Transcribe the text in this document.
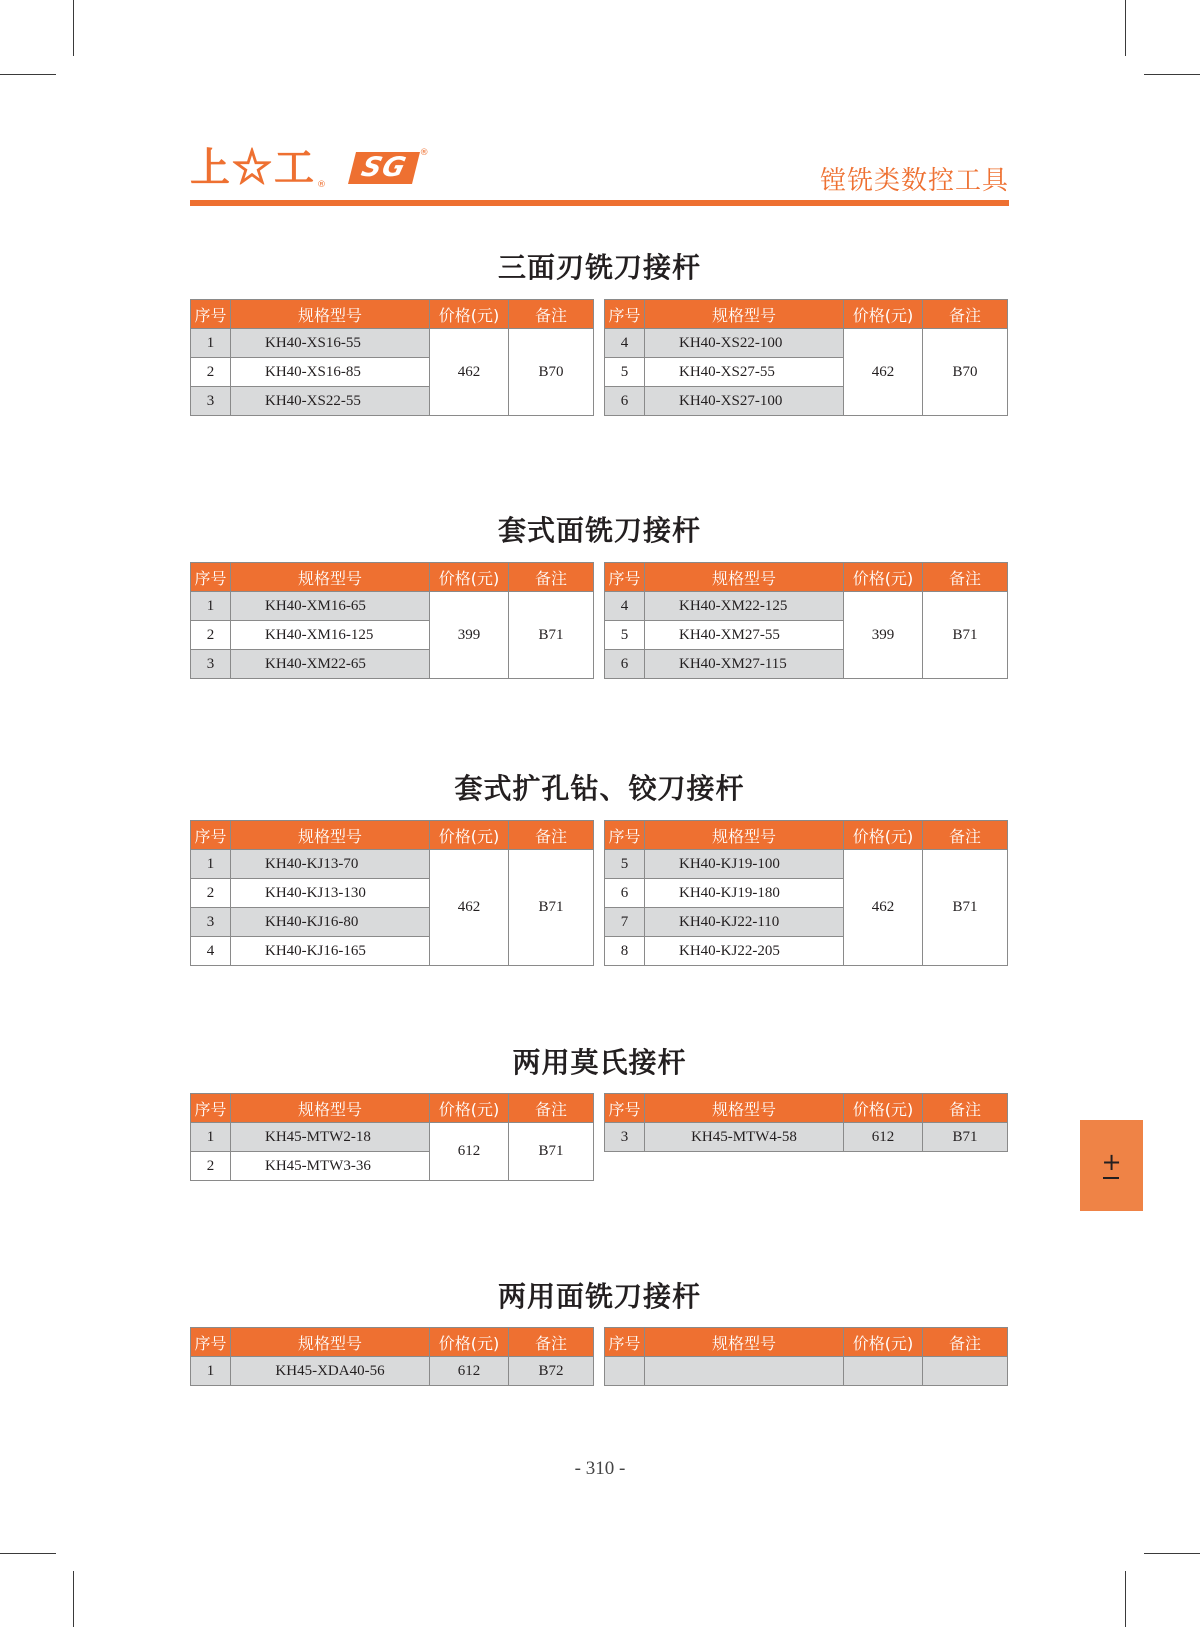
上☆工 ®
SG	®
镗铣类数控工具
三面刃铣刀接杆
序号	规格型号	价格(元)	备注
1	KH40-XS16-55	462	B70
2	KH40-XS16-85		
3	KH40-XS22-55		
序号	规格型号	价格(元)	备注
4	KH40-XS22-100	462	B70
5	KH40-XS27-55		
6	KH40-XS27-100		
套式面铣刀接杆
序号	规格型号	价格(元)	备注
1	KH40-XM16-65	399	B71
2	KH40-XM16-125		
3	KH40-XM22-65		
序号	规格型号	价格(元)	备注
4	KH40-XM22-125	399	B71
5	KH40-XM27-55		
6	KH40-XM27-115		
套式扩孔钻、铰刀接杆
序号	规格型号	价格(元)	备注
1	KH40-KJ13-70	462	B71
2	KH40-KJ13-130		
3	KH40-KJ16-80		
4	KH40-KJ16-165		
序号	规格型号	价格(元)	备注
5	KH40-KJ19-100	462	B71
6	KH40-KJ19-180		
7	KH40-KJ22-110		
8	KH40-KJ22-205		
两用莫氏接杆
序号	规格型号	价格(元)	备注
1	KH45-MTW2-18	612	B71
2	KH45-MTW3-36		
序号	规格型号	价格(元)	备注
3	KH45-MTW4-58	612	B71
两用面铣刀接杆
序号	规格型号	价格(元)	备注
1	KH45-XDA40-56	612	B72
序号	规格型号	价格(元)	备注

+
- 310 -
